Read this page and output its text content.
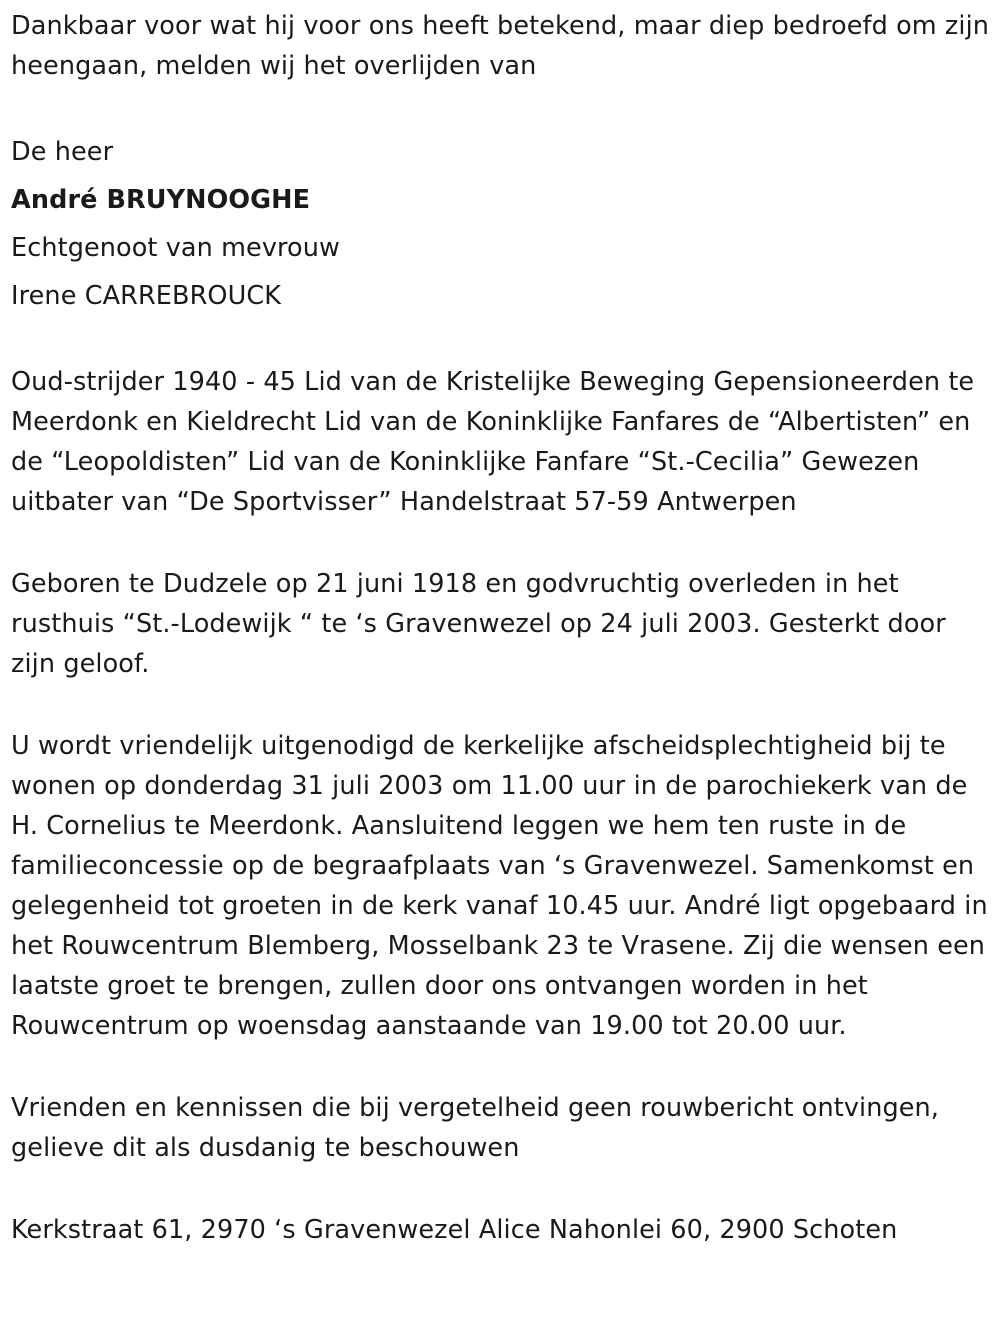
Dankbaar voor wat hij voor ons heeft betekend, maar diep bedroefd om zijn heengaan, melden wij het overlijden van

De heer

André BRUYNOOGHE

Echtgenoot van mevrouw

Irene CARREBROUCK

Oud-strijder 1940 - 45 Lid van de Kristelijke Beweging Gepensioneerden te Meerdonk en Kieldrecht Lid van de Koninklijke Fanfares de “Albertisten” en de “Leopoldisten” Lid van de Koninklijke Fanfare “St.-Cecilia” Gewezen uitbater van “De Sportvisser” Handelstraat 57-59 Antwerpen

Geboren te Dudzele op 21 juni 1918 en godvruchtig overleden in het rusthuis “St.-Lodewijk “ te ‘s Gravenwezel op 24 juli 2003. Gesterkt door zijn geloof.

U wordt vriendelijk uitgenodigd de kerkelijke afscheidsplechtigheid bij te wonen op donderdag 31 juli 2003 om 11.00 uur in de parochiekerk van de H. Cornelius te Meerdonk. Aansluitend leggen we hem ten ruste in de familieconcessie op de begraafplaats van ‘s Gravenwezel. Samenkomst en gelegenheid tot groeten in de kerk vanaf 10.45 uur. André ligt opgebaard in het Rouwcentrum Blemberg, Mosselbank 23 te Vrasene. Zij die wensen een laatste groet te brengen, zullen door ons ontvangen worden in het Rouwcentrum op woensdag aanstaande van 19.00 tot 20.00 uur.

Vrienden en kennissen die bij vergetelheid geen rouwbericht ontvingen, gelieve dit als dusdanig te beschouwen

Kerkstraat 61, 2970 ‘s Gravenwezel Alice Nahonlei 60, 2900 Schoten
